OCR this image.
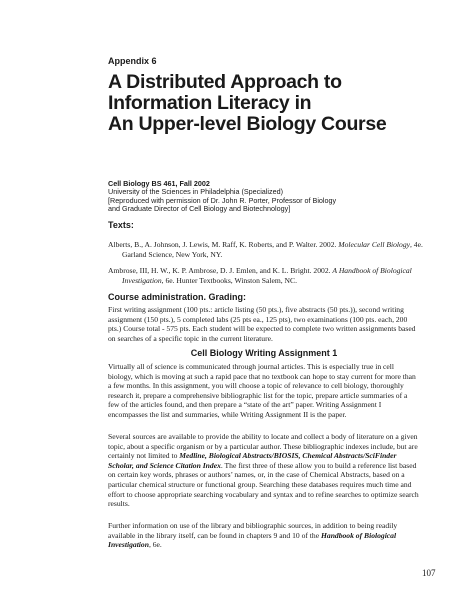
Appendix 6
A Distributed Approach to
Information Literacy in
An Upper-level Biology Course
Cell Biology BS 461, Fall 2002
University of the Sciences in Philadelphia (Specialized)
[Reproduced with permission of Dr. John R. Porter, Professor of Biology
and Graduate Director of Cell Biology and Biotechnology]
Texts:
Alberts, B., A. Johnson, J. Lewis, M. Raff, K. Roberts, and P. Walter. 2002. Molecular Cell Biology, 4e. Garland Science, New York, NY.
Ambrose, III, H. W., K. P. Ambrose, D. J. Emlen, and K. L. Bright. 2002. A Handbook of Biological Investigation, 6e. Hunter Textbooks, Winston Salem, NC.
Course administration. Grading:
First writing assignment (100 pts.: article listing (50 pts.), five abstracts (50 pts.)), second writing assignment (150 pts.), 5 completed labs (25 pts ea., 125 pts), two examinations (100 pts. each, 200 pts.) Course total - 575 pts. Each student will be expected to complete two written assignments based on searches of a specific topic in the current literature.
Cell Biology Writing Assignment 1
Virtually all of science is communicated through journal articles. This is especially true in cell biology, which is moving at such a rapid pace that no textbook can hope to stay current for more than a few months. In this assignment, you will choose a topic of relevance to cell biology, thoroughly research it, prepare a comprehensive bibliographic list for the topic, prepare article summaries of a few of the articles found, and then prepare a “state of the art” paper. Writing Assignment I encompasses the list and summaries, while Writing Assignment II is the paper.
Several sources are available to provide the ability to locate and collect a body of literature on a given topic, about a specific organism or by a particular author. These bibliographic indexes include, but are certainly not limited to Medline, Biological Abstracts/BIOSIS, Chemical Abstracts/SciFinder Scholar, and Science Citation Index. The first three of these allow you to build a reference list based on certain key words, phrases or authors’ names, or, in the case of Chemical Abstracts, based on a particular chemical structure or functional group. Searching these databases requires much time and effort to choose appropriate searching vocabulary and syntax and to refine searches to optimize search results.
Further information on use of the library and bibliographic sources, in addition to being readily available in the library itself, can be found in chapters 9 and 10 of the Handbook of Biological Investigation, 6e.
107
